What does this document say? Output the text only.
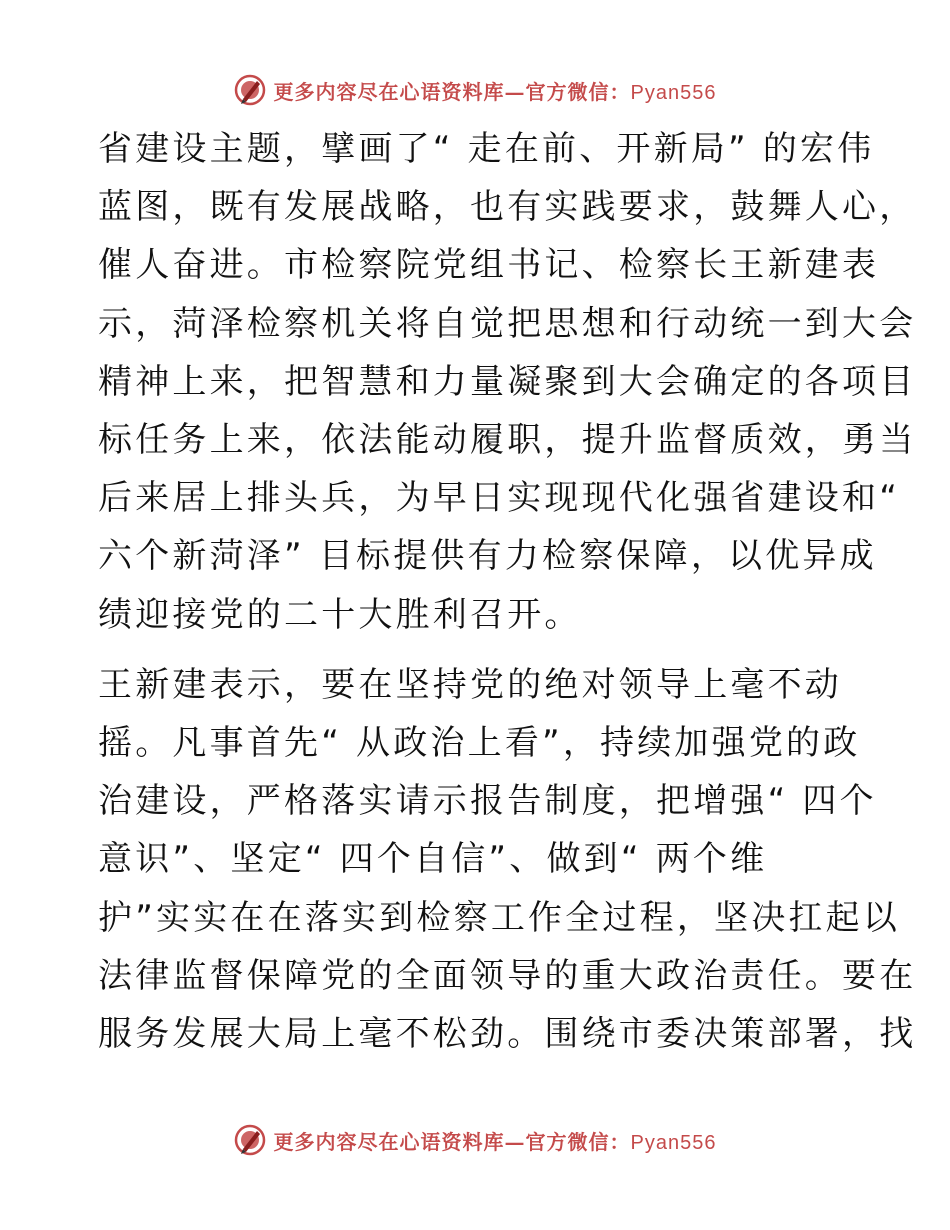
更多内容尽在心语资料库—官方微信：Pyan556
省建设主题，擘画了“ 走在前、开新局” 的宏伟
蓝图，既有发展战略，也有实践要求，鼓舞人心，
催人奋进。市检察院党组书记、检察长王新建表
示，菏泽检察机关将自觉把思想和行动统一到大会
精神上来，把智慧和力量凝聚到大会确定的各项目
标任务上来，依法能动履职，提升监督质效，勇当
后来居上排头兵，为早日实现现代化强省建设和“
六个新菏泽” 目标提供有力检察保障，以优异成
绩迎接党的二十大胜利召开。
王新建表示，要在坚持党的绝对领导上毫不动
摇。凡事首先“ 从政治上看”，持续加强党的政
治建设，严格落实请示报告制度，把增强“ 四个
意识”、坚定“ 四个自信”、做到“ 两个维
护”实实在在落实到检察工作全过程，坚决扛起以
法律监督保障党的全面领导的重大政治责任。要在
服务发展大局上毫不松劲。围绕市委决策部署，找
更多内容尽在心语资料库—官方微信：Pyan556
